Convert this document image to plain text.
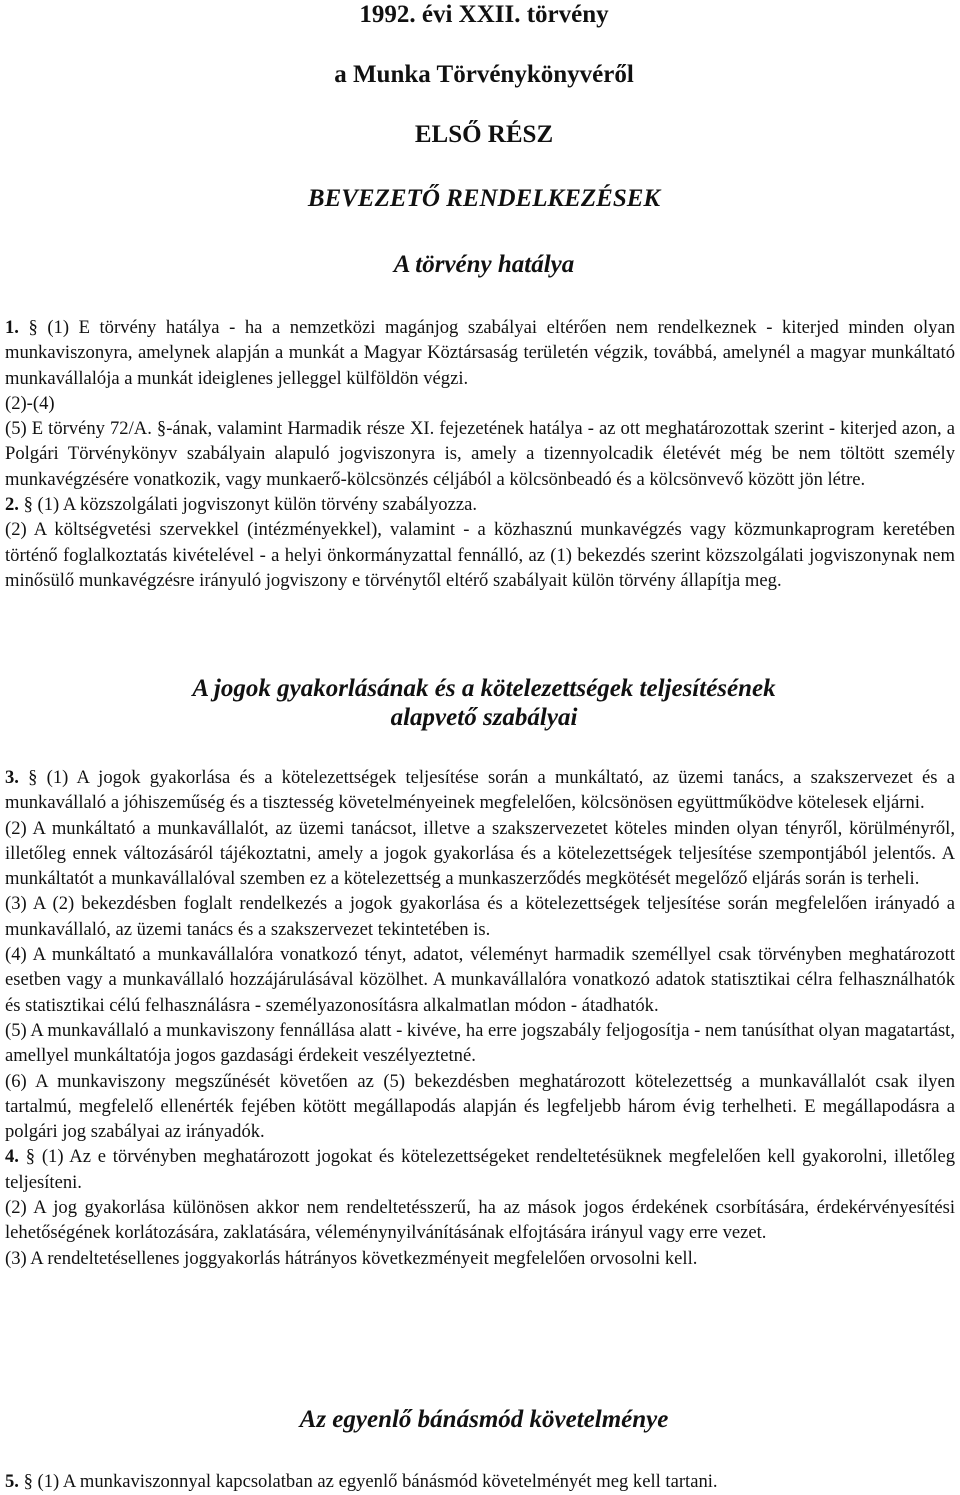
1992. évi XXII. törvény
a Munka Törvénykönyvéről
ELSŐ RÉSZ
BEVEZETŐ RENDELKEZÉSEK
A törvény hatálya

1. § (1) E törvény hatálya - ha a nemzetközi magánjog szabályai eltérően nem rendelkeznek - kiterjed minden olyan munkaviszonyra, amelynek alapján a munkát a Magyar Köztársaság területén végzik, továbbá, amelynél a magyar munkáltató munkavállalója a munkát ideiglenes jelleggel külföldön végzi.

(2)-(4)

(5) E törvény 72/A. §-ának, valamint Harmadik része XI. fejezetének hatálya - az ott meghatározottak szerint - kiterjed azon, a Polgári Törvénykönyv szabályain alapuló jogviszonyra is, amely a tizennyolcadik életévét még be nem töltött személy munkavégzésére vonatkozik, vagy munkaerő-kölcsönzés céljából a kölcsönbeadó és a kölcsönvevő között jön létre.

2. § (1) A közszolgálati jogviszonyt külön törvény szabályozza.

(2) A költségvetési szervekkel (intézményekkel), valamint - a közhasznú munkavégzés vagy közmunkaprogram keretében történő foglalkoztatás kivételével - a helyi önkormányzattal fennálló, az (1) bekezdés szerint közszolgálati jogviszonynak nem minősülő munkavégzésre irányuló jogviszony e törvénytől eltérő szabályait külön törvény állapítja meg.

A jogok gyakorlásának és a kötelezettségek teljesítésének
alapvető szabályai

3. § (1) A jogok gyakorlása és a kötelezettségek teljesítése során a munkáltató, az üzemi tanács, a szakszervezet és a munkavállaló a jóhiszeműség és a tisztesség követelményeinek megfelelően, kölcsönösen együttműködve kötelesek eljárni.

(2) A munkáltató a munkavállalót, az üzemi tanácsot, illetve a szakszervezetet köteles minden olyan tényről, körülményről, illetőleg ennek változásáról tájékoztatni, amely a jogok gyakorlása és a kötelezettségek teljesítése szempontjából jelentős. A munkáltatót a munkavállalóval szemben ez a kötelezettség a munkaszerződés megkötését megelőző eljárás során is terheli.

(3) A (2) bekezdésben foglalt rendelkezés a jogok gyakorlása és a kötelezettségek teljesítése során megfelelően irányadó a munkavállaló, az üzemi tanács és a szakszervezet tekintetében is.

(4) A munkáltató a munkavállalóra vonatkozó tényt, adatot, véleményt harmadik személlyel csak törvényben meghatározott esetben vagy a munkavállaló hozzájárulásával közölhet. A munkavállalóra vonatkozó adatok statisztikai célra felhasználhatók és statisztikai célú felhasználásra - személyazonosításra alkalmatlan módon - átadhatók.

(5) A munkavállaló a munkaviszony fennállása alatt - kivéve, ha erre jogszabály feljogosítja - nem tanúsíthat olyan magatartást, amellyel munkáltatója jogos gazdasági érdekeit veszélyeztetné.

(6) A munkaviszony megszűnését követően az (5) bekezdésben meghatározott kötelezettség a munkavállalót csak ilyen tartalmú, megfelelő ellenérték fejében kötött megállapodás alapján és legfeljebb három évig terhelheti. E megállapodásra a polgári jog szabályai az irányadók.

4. § (1) Az e törvényben meghatározott jogokat és kötelezettségeket rendeltetésüknek megfelelően kell gyakorolni, illetőleg teljesíteni.

(2) A jog gyakorlása különösen akkor nem rendeltetésszerű, ha az mások jogos érdekének csorbítására, érdekérvényesítési lehetőségének korlátozására, zaklatására, véleménynyilvánításának elfojtására irányul vagy erre vezet.

(3) A rendeltetésellenes joggyakorlás hátrányos következményeit megfelelően orvosolni kell.

Az egyenlő bánásmód követelménye

5. § (1) A munkaviszonnyal kapcsolatban az egyenlő bánásmód követelményét meg kell tartani.
